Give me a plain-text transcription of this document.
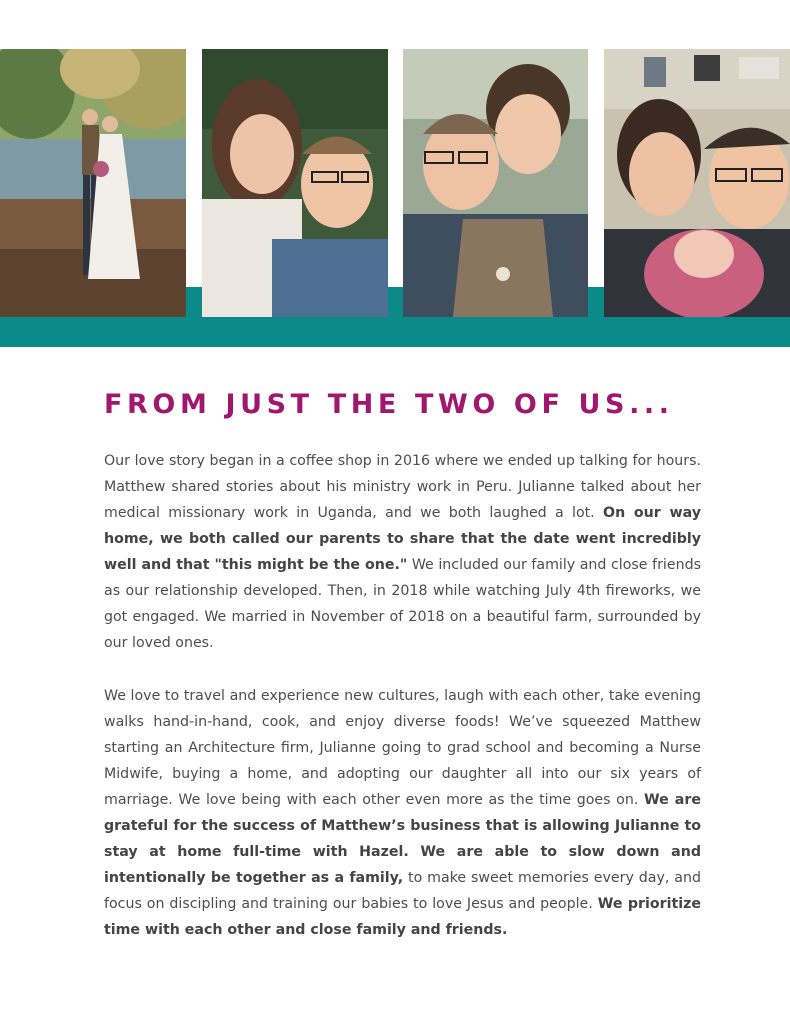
FROM JUST THE TWO OF US...

Our love story began in a coffee shop in 2016 where we ended up talking for hours. Matthew shared stories about his ministry work in Peru. Julianne talked about her medical missionary work in Uganda, and we both laughed a lot. On our way home, we both called our parents to share that the date went incredibly well and that "this might be the one." We included our family and close friends as our relationship developed. Then, in 2018 while watching July 4th fireworks, we got engaged. We married in November of 2018 on a beautiful farm, surrounded by our loved ones.

We love to travel and experience new cultures, laugh with each other, take evening walks hand-in-hand, cook, and enjoy diverse foods! We’ve squeezed Matthew starting an Architecture firm, Julianne going to grad school and becoming a Nurse Midwife, buying a home, and adopting our daughter all into our six years of marriage. We love being with each other even more as the time goes on. We are grateful for the success of Matthew’s business that is allowing Julianne to stay at home full-time with Hazel. We are able to slow down and intentionally be together as a family, to make sweet memories every day, and focus on discipling and training our babies to love Jesus and people. We prioritize time with each other and close family and friends.
